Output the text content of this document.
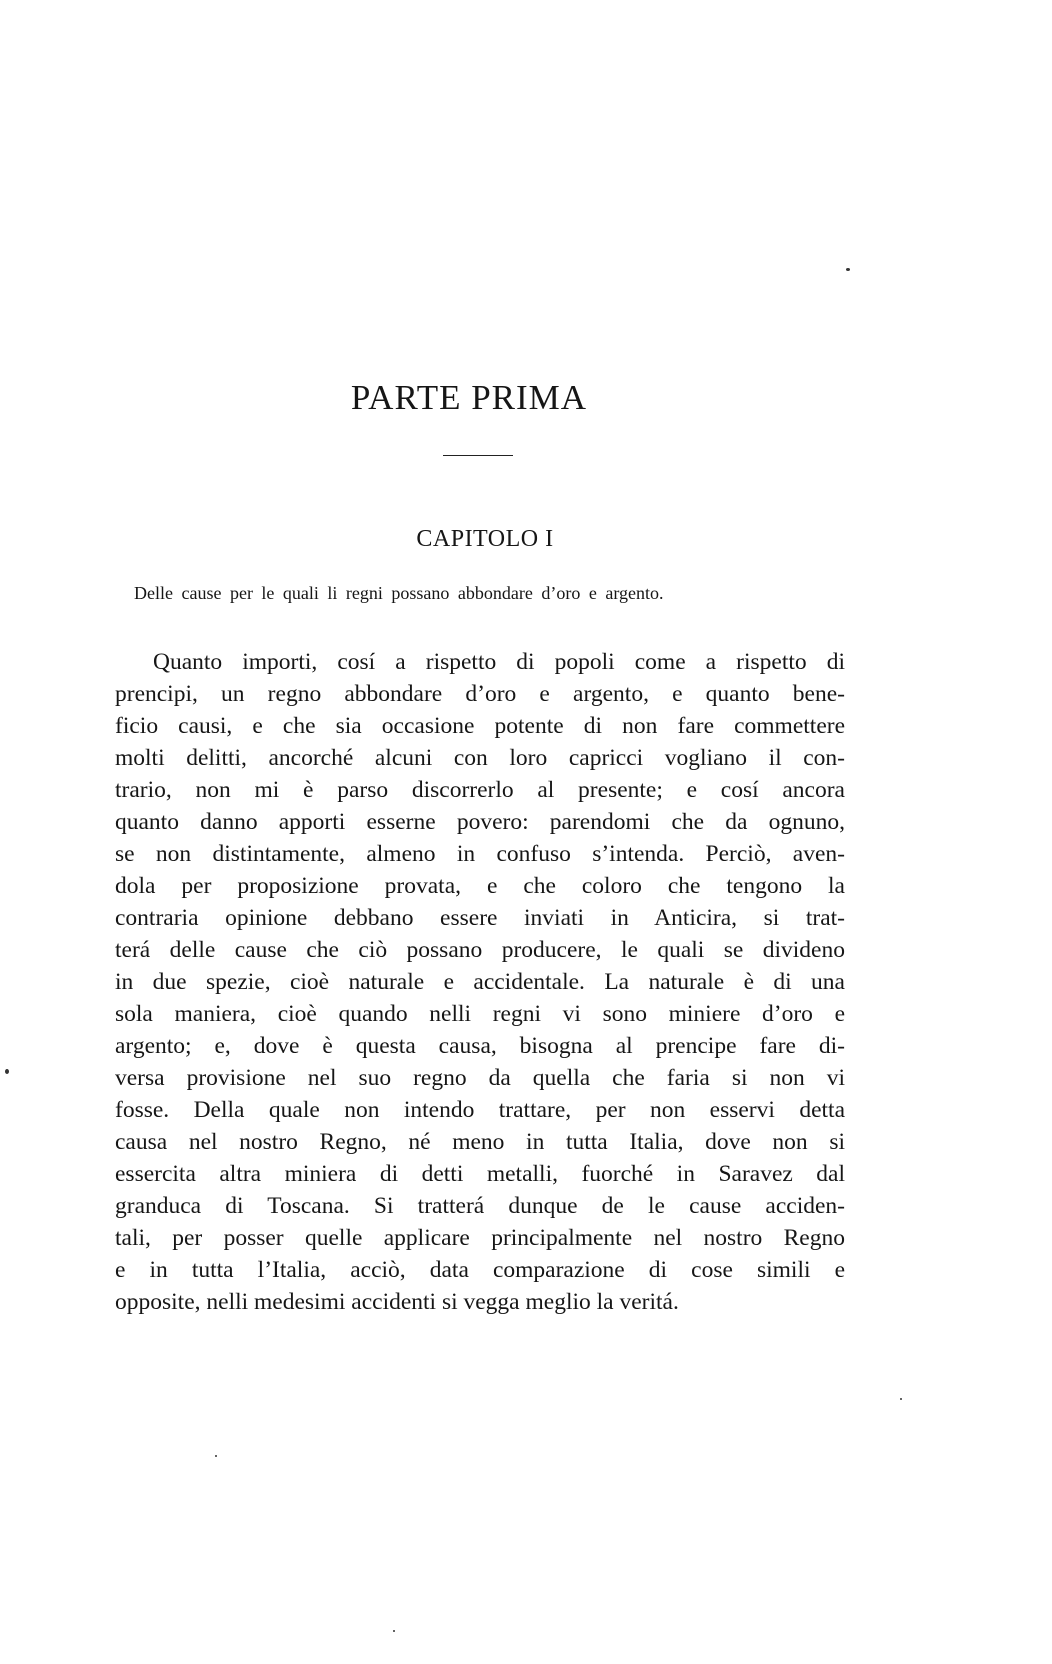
PARTE PRIMA
CAPITOLO I

Delle cause per le quali li regni possano abbondare d’oro e argento.

Quanto importi, cosí a rispetto di popoli come a rispetto di
prencipi, un regno abbondare d’oro e argento, e quanto bene-
ficio causi, e che sia occasione potente di non fare commettere
molti delitti, ancorché alcuni con loro capricci vogliano il con-
trario, non mi è parso discorrerlo al presente; e cosí ancora
quanto danno apporti esserne povero: parendomi che da ognuno,
se non distintamente, almeno in confuso s’intenda. Perciò, aven-
dola per proposizione provata, e che coloro che tengono la
contraria opinione debbano essere inviati in Anticira, si trat-
terá delle cause che ciò possano producere, le quali se divideno
in due spezie, cioè naturale e accidentale. La naturale è di una
sola maniera, cioè quando nelli regni vi sono miniere d’oro e
argento; e, dove è questa causa, bisogna al prencipe fare di-
versa provisione nel suo regno da quella che faria si non vi
fosse. Della quale non intendo trattare, per non esservi detta
causa nel nostro Regno, né meno in tutta Italia, dove non si
essercita altra miniera di detti metalli, fuorché in Saravez dal
granduca di Toscana. Si tratterá dunque de le cause acciden-
tali, per posser quelle applicare principalmente nel nostro Regno
e in tutta l’Italia, acciò, data comparazione di cose simili e
opposite, nelli medesimi accidenti si vegga meglio la veritá.
